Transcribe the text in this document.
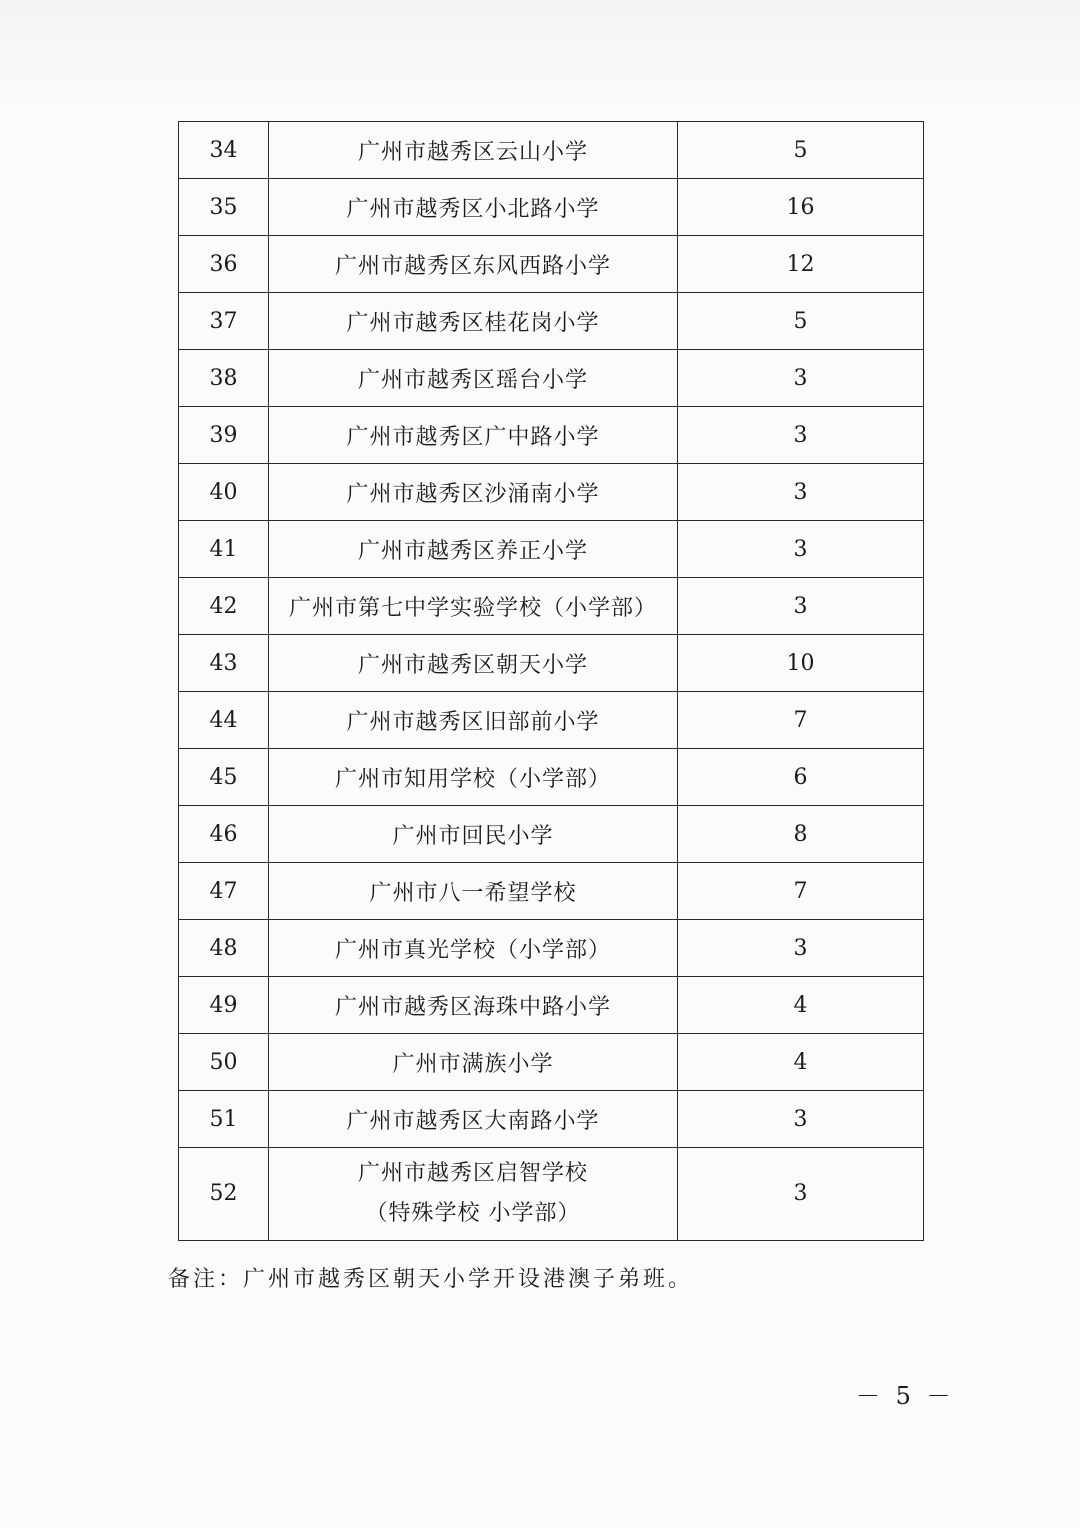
34	广州市越秀区云山小学	5
35	广州市越秀区小北路小学	16
36	广州市越秀区东风西路小学	12
37	广州市越秀区桂花岗小学	5
38	广州市越秀区瑶台小学	3
39	广州市越秀区广中路小学	3
40	广州市越秀区沙涌南小学	3
41	广州市越秀区养正小学	3
42	广州市第七中学实验学校（小学部）	3
43	广州市越秀区朝天小学	10
44	广州市越秀区旧部前小学	7
45	广州市知用学校（小学部）	6
46	广州市回民小学	8
47	广州市八一希望学校	7
48	广州市真光学校（小学部）	3
49	广州市越秀区海珠中路小学	4
50	广州市满族小学	4
51	广州市越秀区大南路小学	3
52	广州市越秀区启智学校
（特殊学校 小学部）	3
备注：广州市越秀区朝天小学开设港澳子弟班。
－ 5 －
